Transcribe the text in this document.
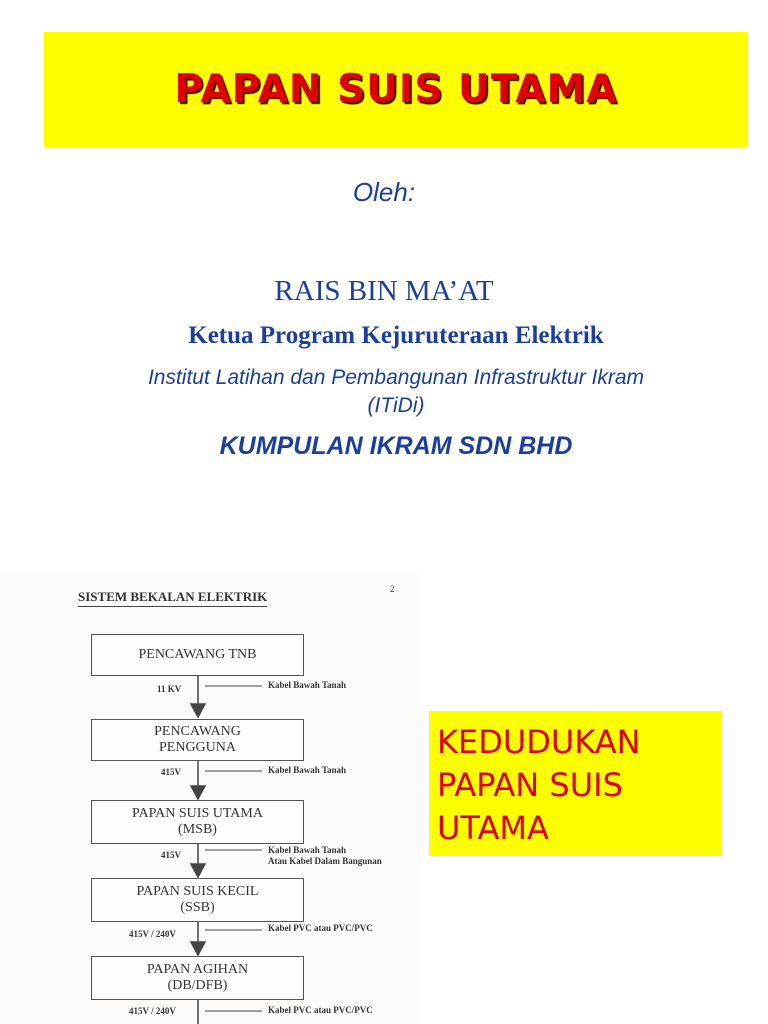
PAPAN SUIS UTAMA
Oleh:
RAIS BIN MA’AT
Ketua Program Kejuruteraan Elektrik
Institut Latihan dan Pembangunan Infrastruktur Ikram
(ITiDi)
KUMPULAN IKRAM SDN BHD
SISTEM BEKALAN ELEKTRIK	2
PENCAWANG TNB
PENCAWANG
PENGGUNA
PAPAN SUIS UTAMA
(MSB)
PAPAN SUIS KECIL
(SSB)
PAPAN AGIHAN
(DB/DFB)
11 KV
415V
415V
415V / 240V
415V / 240V
Kabel Bawah Tanah
Kabel Bawah Tanah
Kabel Bawah Tanah
Atau Kabel Dalam Bangunan
Kabel PVC atau PVC/PVC
Kabel PVC atau PVC/PVC
KEDUDUKAN
PAPAN SUIS
UTAMA
